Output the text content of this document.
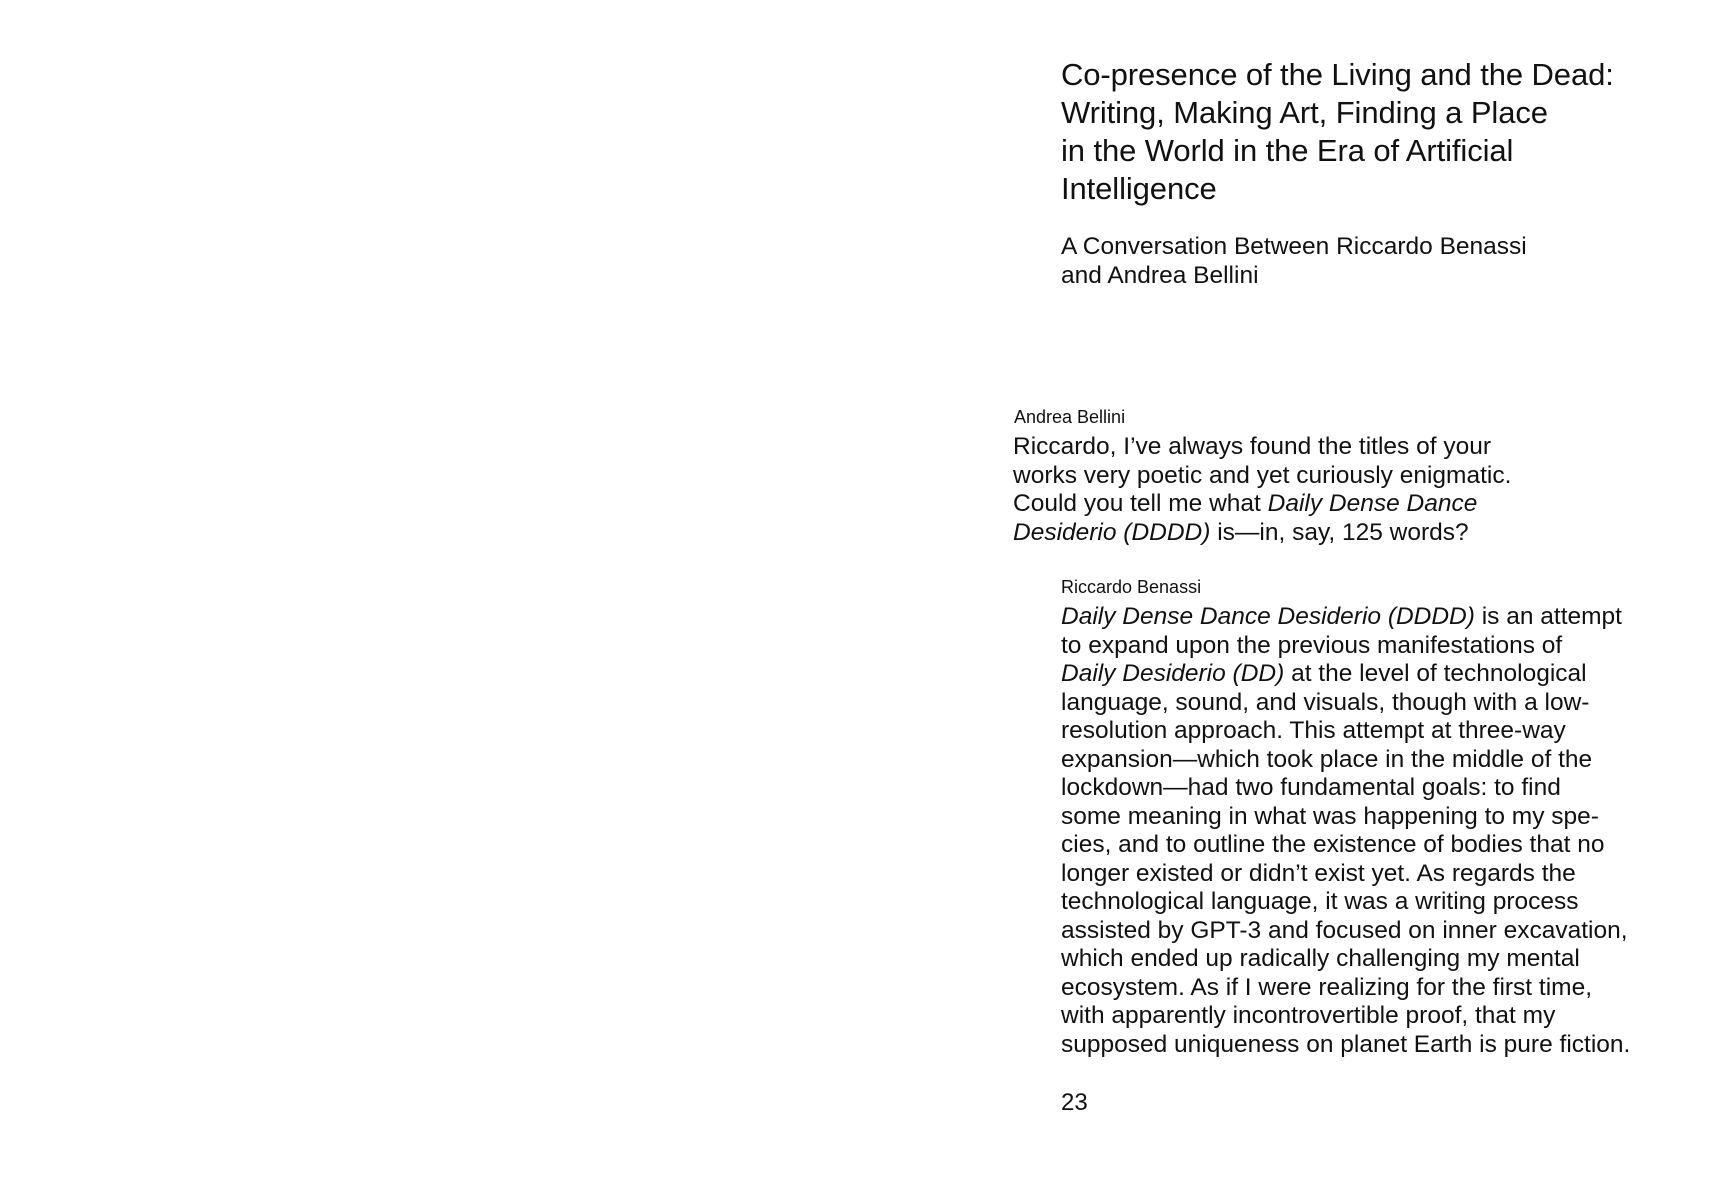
Co-presence of the Living and the Dead:
Writing, Making Art, Finding a Place
in the World in the Era of Artificial
Intelligence
A Conversation Between Riccardo Benassi
and Andrea Bellini
Andrea Bellini

Riccardo, I’ve always found the titles of your
works very poetic and yet curiously enigmatic.
Could you tell me what Daily Dense Dance
Desiderio (DDDD) is—in, say, 125 words?

Riccardo Benassi

Daily Dense Dance Desiderio (DDDD) is an attempt
to expand upon the previous manifestations of
Daily Desiderio (DD) at the level of technological
language, sound, and visuals, though with a low-
resolution approach. This attempt at three-way
expansion—which took place in the middle of the
lockdown—had two fundamental goals: to find
some meaning in what was happening to my spe-
cies, and to outline the existence of bodies that no
longer existed or didn’t exist yet. As regards the
technological language, it was a writing process
assisted by GPT-3 and focused on inner excavation,
which ended up radically challenging my mental
ecosystem. As if I were realizing for the first time,
with apparently incontrovertible proof, that my
supposed uniqueness on planet Earth is pure fiction.

23
